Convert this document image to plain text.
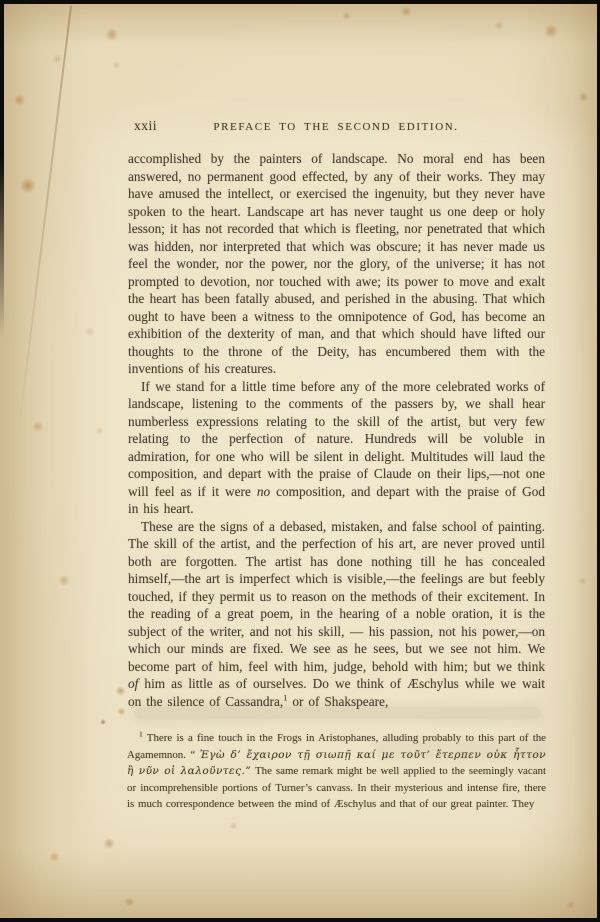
xxii	PREFACE TO THE SECOND EDITION.

accomplished by the painters of landscape. No moral end has been answered, no permanent good effected, by any of their works. They may have amused the intellect, or exercised the ingenuity, but they never have spoken to the heart. Landscape art has never taught us one deep or holy lesson; it has not recorded that which is fleeting, nor penetrated that which was hidden, nor interpreted that which was obscure; it has never made us feel the wonder, nor the power, nor the glory, of the universe; it has not prompted to devotion, nor touched with awe; its power to move and exalt the heart has been fatally abused, and perished in the abusing. That which ought to have been a witness to the omnipotence of God, has become an exhibition of the dexterity of man, and that which should have lifted our thoughts to the throne of the Deity, has encumbered them with the inventions of his creatures.

If we stand for a little time before any of the more celebrated works of landscape, listening to the comments of the passers by, we shall hear numberless expressions relating to the skill of the artist, but very few relating to the perfection of nature. Hundreds will be voluble in admiration, for one who will be silent in delight. Multitudes will laud the composition, and depart with the praise of Claude on their lips,—not one will feel as if it were no composition, and depart with the praise of God in his heart.

These are the signs of a debased, mistaken, and false school of painting. The skill of the artist, and the perfection of his art, are never proved until both are forgotten. The artist has done nothing till he has concealed himself,—the art is imperfect which is visible,—the feelings are but feebly touched, if they permit us to reason on the methods of their excitement. In the reading of a great poem, in the hearing of a noble oration, it is the subject of the writer, and not his skill, — his passion, not his power,—on which our minds are fixed. We see as he sees, but we see not him. We become part of him, feel with him, judge, behold with him; but we think of him as little as of ourselves. Do we think of Æschylus while we wait on the silence of Cassandra,$^1$ or of Shakspeare,

$^1$ There is a fine touch in the Frogs in Aristophanes, alluding probably to this part of the Agamemnon. “ Ἐγὼ δ’ ἔχαιρον τῇ σιωπῇ καί με τοῦτ’ ἔτερπεν οὐκ ἧττον ἢ νῦν οἱ λαλοῦντες.” The same remark might be well applied to the seemingly vacant or incomprehensible portions of Turner’s canvass. In their mysterious and intense fire, there is much correspondence between the mind of Æschylus and that of our great painter. They
